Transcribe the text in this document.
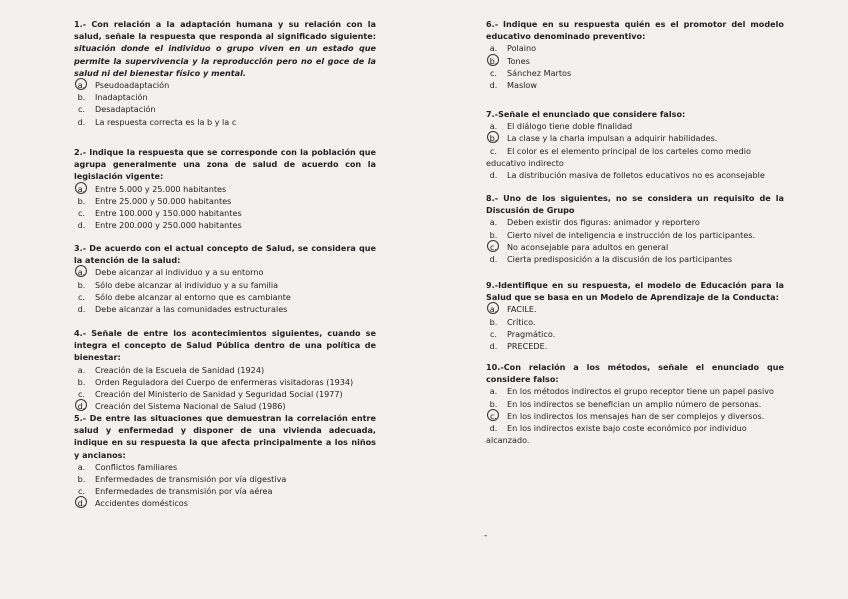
1.- Con relación a la adaptación humana y su relación con la salud, señale la respuesta que responda al significado siguiente: situación donde el individuo o grupo viven en un estado que permite la supervivencia y la reproducción pero no el goce de la salud ni del bienestar físico y mental.

a.	Pseudoadaptación
b.	Inadaptación
c.	Desadaptación
d.	La respuesta correcta es la b y la c

2.- Indique la respuesta que se corresponde con la población que agrupa generalmente una zona de salud de acuerdo con la legislación vigente:

a.	Entre 5.000 y 25.000 habitantes
b.	Entre 25.000 y 50.000 habitantes
c.	Entre 100.000 y 150.000 habitantes
d.	Entre 200.000 y 250.000 habitantes

3.- De acuerdo con el actual concepto de Salud, se considera que la atención de la salud:

a.	Debe alcanzar al individuo y a su entorno
b.	Sólo debe alcanzar al individuo y a su familia
c.	Sólo debe alcanzar al entorno que es cambiante
d.	Debe alcanzar a las comunidades estructurales

4.- Señale de entre los acontecimientos siguientes, cuando se integra el concepto de Salud Pública dentro de una política de bienestar:

a.	Creación de la Escuela de Sanidad (1924)
b.	Orden Reguladora del Cuerpo de enfermeras visitadoras (1934)
c.	Creación del Ministerio de Sanidad y Seguridad Social (1977)
d.	Creación del Sistema Nacional de Salud (1986)

5.- De entre las situaciones que demuestran la correlación entre salud y enfermedad y disponer de una vivienda adecuada, indique en su respuesta la que afecta principalmente a los niños y ancianos:

a.	Conflictos familiares
b.	Enfermedades de transmisión por vía digestiva
c.	Enfermedades de transmisión por vía aérea
d.	Accidentes domésticos

6.- Indique en su respuesta quién es el promotor del modelo educativo denominado preventivo:

a.	Polaino
b.	Tones
c.	Sánchez Martos
d.	Maslow

7.-Señale el enunciado que considere falso:

a.	El diálogo tiene doble finalidad
b.	La clase y la charla impulsan a adquirir habilidades.
c. El color es el elemento principal de los carteles como medio educativo indirecto
d. La distribución masiva de folletos educativos no es aconsejable

8.- Uno de los siguientes, no se considera un requisito de la Discusión de Grupo

a.	Deben existir dos figuras: animador y reportero
b. Cierto nivel de inteligencia e instrucción de los participantes.
c.	No aconsejable para adultos en general
d.	Cierta predisposición a la discusión de los participantes

9.-Identifique en su respuesta, el modelo de Educación para la Salud que se basa en un Modelo de Aprendizaje de la Conducta:

a.	FACILE.
b.	Crítico.
c.	Pragmático.
d.	PRECEDE.

10.-Con relación a los métodos, señale el enunciado que considere falso:

a. En los métodos indirectos el grupo receptor tiene un papel pasivo
b.	En los indirectos se benefician un amplio número de personas.
c. En los indirectos los mensajes han de ser complejos y diversos.
d. En los indirectos existe bajo coste económico por individuo alcanzado.
-
